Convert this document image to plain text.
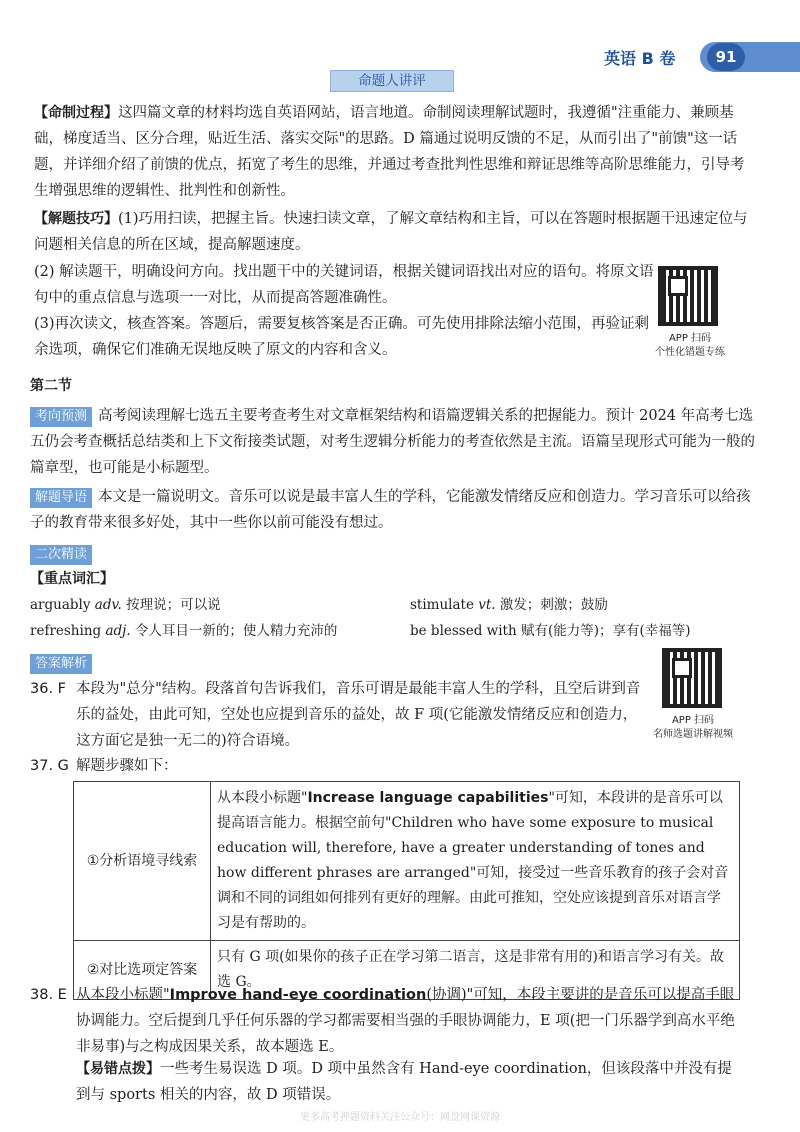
英语 B 卷	91
命题人讲评
【命制过程】这四篇文章的材料均选自英语网站，语言地道。命制阅读理解试题时，我遵循"注重能力、兼顾基础，梯度适当、区分合理，贴近生活、落实交际"的思路。D 篇通过说明反馈的不足，从而引出了"前馈"这一话题，并详细介绍了前馈的优点，拓宽了考生的思维，并通过考查批判性思维和辩证思维等高阶思维能力，引导考生增强思维的逻辑性、批判性和创新性。
【解题技巧】(1)巧用扫读，把握主旨。快速扫读文章，了解文章结构和主旨，可以在答题时根据题干迅速定位与问题相关信息的所在区域，提高解题速度。
(2) 解读题干，明确设问方向。找出题干中的关键词语，根据关键词语找出对应的语句。将原文语句中的重点信息与选项一一对比，从而提高答题准确性。
(3)再次读文，核查答案。答题后，需要复核答案是否正确。可先使用排除法缩小范围，再验证剩余选项，确保它们准确无误地反映了原文的内容和含义。
APP 扫码
个性化错题专练
第二节
考向预测 高考阅读理解七选五主要考查考生对文章框架结构和语篇逻辑关系的把握能力。预计 2024 年高考七选五仍会考查概括总结类和上下文衔接类试题，对考生逻辑分析能力的考查依然是主流。语篇呈现形式可能为一般的篇章型，也可能是小标题型。
解题导语 本文是一篇说明文。音乐可以说是最丰富人生的学科，它能激发情绪反应和创造力。学习音乐可以给孩子的教育带来很多好处，其中一些你以前可能没有想过。
二次精读
【重点词汇】
arguably adv. 按理说；可以说	stimulate vt. 激发；刺激；鼓励
refreshing adj. 令人耳目一新的；使人精力充沛的	be blessed with 赋有(能力等)；享有(幸福等)
答案解析
APP 扫码
名师选题讲解视频
36. F 本段为"总分"结构。段落首句告诉我们，音乐可谓是最能丰富人生的学科，且空后讲到音乐的益处，由此可知，空处也应提到音乐的益处，故 F 项(它能激发情绪反应和创造力，这方面它是独一无二的)符合语境。
37. G 解题步骤如下：
①分析语境寻线索	从本段小标题"Increase language capabilities"可知，本段讲的是音乐可以提高语言能力。根据空前句"Children who have some exposure to musical education will, therefore, have a greater understanding of tones and how different phrases are arranged"可知，接受过一些音乐教育的孩子会对音调和不同的词组如何排列有更好的理解。由此可推知，空处应该提到音乐对语言学习是有帮助的。
②对比选项定答案	只有 G 项(如果你的孩子正在学习第二语言，这是非常有用的)和语言学习有关。故选 G。
38. E 从本段小标题"Improve hand-eye coordination(协调)"可知，本段主要讲的是音乐可以提高手眼协调能力。空后提到几乎任何乐器的学习都需要相当强的手眼协调能力，E 项(把一门乐器学到高水平绝非易事)与之构成因果关系，故本题选 E。
【易错点拨】一些考生易误选 D 项。D 项中虽然含有 Hand-eye coordination，但该段落中并没有提到与 sports 相关的内容，故 D 项错误。
更多高考押题资料关注公众号：网盘网课资源
